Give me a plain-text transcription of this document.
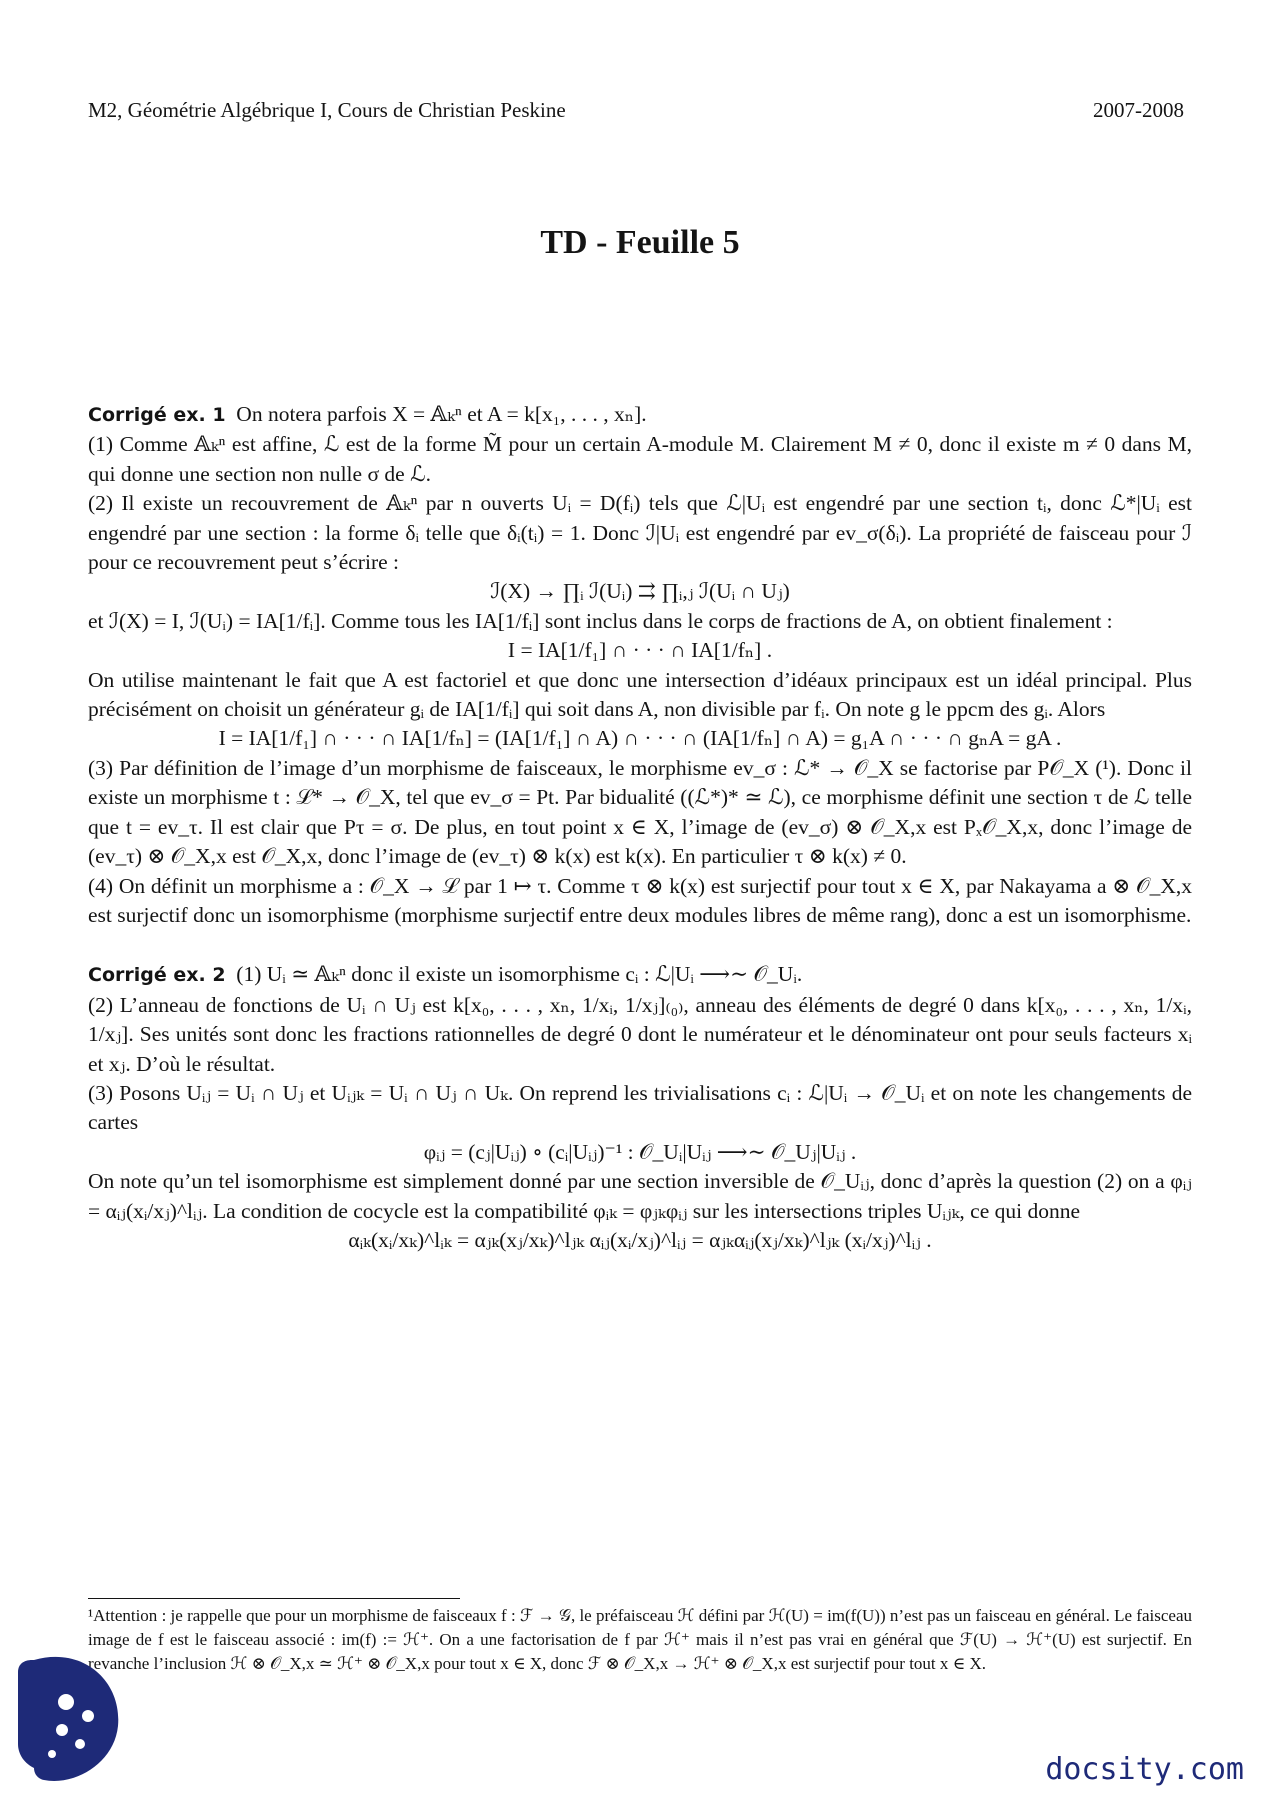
M2, Géométrie Algébrique I, Cours de Christian Peskine	2007-2008
TD - Feuille 5

Corrigé ex. 1 On notera parfois X = 𝔸ₖⁿ et A = k[x₁, . . . , xₙ].

(1) Comme 𝔸ₖⁿ est affine, ℒ est de la forme M̃ pour un certain A-module M. Clairement M ≠ 0, donc il existe m ≠ 0 dans M, qui donne une section non nulle σ de ℒ.

(2) Il existe un recouvrement de 𝔸ₖⁿ par n ouverts Uᵢ = D(fᵢ) tels que ℒ|Uᵢ est engendré par une section tᵢ, donc ℒ*|Uᵢ est engendré par une section : la forme δᵢ telle que δᵢ(tᵢ) = 1. Donc ℐ|Uᵢ est engendré par ev_σ(δᵢ). La propriété de faisceau pour ℐ pour ce recouvrement peut s’écrire :

ℐ(X) → ∏ᵢ ℐ(Uᵢ) ⇉ ∏ᵢ,ⱼ ℐ(Uᵢ ∩ Uⱼ)

et ℐ(X) = I, ℐ(Uᵢ) = IA[1/fᵢ]. Comme tous les IA[1/fᵢ] sont inclus dans le corps de fractions de A, on obtient finalement :

I = IA[1/f₁] ∩ · · · ∩ IA[1/fₙ] .

On utilise maintenant le fait que A est factoriel et que donc une intersection d’idéaux principaux est un idéal principal. Plus précisément on choisit un générateur gᵢ de IA[1/fᵢ] qui soit dans A, non divisible par fᵢ. On note g le ppcm des gᵢ. Alors

I = IA[1/f₁] ∩ · · · ∩ IA[1/fₙ] = (IA[1/f₁] ∩ A) ∩ · · · ∩ (IA[1/fₙ] ∩ A) = g₁A ∩ · · · ∩ gₙA = gA .

(3) Par définition de l’image d’un morphisme de faisceaux, le morphisme ev_σ : ℒ* → 𝒪_X se factorise par P𝒪_X (¹). Donc il existe un morphisme t : ℒ* → 𝒪_X, tel que ev_σ = Pt. Par bidualité ((ℒ*)* ≃ ℒ), ce morphisme définit une section τ de ℒ telle que t = ev_τ. Il est clair que Pτ = σ. De plus, en tout point x ∈ X, l’image de (ev_σ) ⊗ 𝒪_X,x est Pₓ𝒪_X,x, donc l’image de (ev_τ) ⊗ 𝒪_X,x est 𝒪_X,x, donc l’image de (ev_τ) ⊗ k(x) est k(x). En particulier τ ⊗ k(x) ≠ 0.

(4) On définit un morphisme a : 𝒪_X → ℒ par 1 ↦ τ. Comme τ ⊗ k(x) est surjectif pour tout x ∈ X, par Nakayama a ⊗ 𝒪_X,x est surjectif donc un isomorphisme (morphisme surjectif entre deux modules libres de même rang), donc a est un isomorphisme.

Corrigé ex. 2 (1) Uᵢ ≃ 𝔸ₖⁿ donc il existe un isomorphisme cᵢ : ℒ|Uᵢ ⟶∼ 𝒪_Uᵢ.

(2) L’anneau de fonctions de Uᵢ ∩ Uⱼ est k[x₀, . . . , xₙ, 1/xᵢ, 1/xⱼ]₍₀₎, anneau des éléments de degré 0 dans k[x₀, . . . , xₙ, 1/xᵢ, 1/xⱼ]. Ses unités sont donc les fractions rationnelles de degré 0 dont le numérateur et le dénominateur ont pour seuls facteurs xᵢ et xⱼ. D’où le résultat.

(3) Posons Uᵢⱼ = Uᵢ ∩ Uⱼ et Uᵢⱼₖ = Uᵢ ∩ Uⱼ ∩ Uₖ. On reprend les trivialisations cᵢ : ℒ|Uᵢ → 𝒪_Uᵢ et on note les changements de cartes

φᵢⱼ = (cⱼ|Uᵢⱼ) ∘ (cᵢ|Uᵢⱼ)⁻¹ : 𝒪_Uᵢ|Uᵢⱼ ⟶∼ 𝒪_Uⱼ|Uᵢⱼ .

On note qu’un tel isomorphisme est simplement donné par une section inversible de 𝒪_Uᵢⱼ, donc d’après la question (2) on a φᵢⱼ = αᵢⱼ(xᵢ/xⱼ)^lᵢⱼ. La condition de cocycle est la compatibilité φᵢₖ = φⱼₖφᵢⱼ sur les intersections triples Uᵢⱼₖ, ce qui donne

αᵢₖ(xᵢ/xₖ)^lᵢₖ = αⱼₖ(xⱼ/xₖ)^lⱼₖ αᵢⱼ(xᵢ/xⱼ)^lᵢⱼ = αⱼₖαᵢⱼ(xⱼ/xₖ)^lⱼₖ (xᵢ/xⱼ)^lᵢⱼ .

¹Attention : je rappelle que pour un morphisme de faisceaux f : ℱ → 𝒢, le préfaisceau ℋ défini par ℋ(U) = im(f(U)) n’est pas un faisceau en général. Le faisceau image de f est le faisceau associé : im(f) := ℋ⁺. On a une factorisation de f par ℋ⁺ mais il n’est pas vrai en général que ℱ(U) → ℋ⁺(U) est surjectif. En revanche l’inclusion ℋ ⊗ 𝒪_X,x ≃ ℋ⁺ ⊗ 𝒪_X,x pour tout x ∈ X, donc ℱ ⊗ 𝒪_X,x → ℋ⁺ ⊗ 𝒪_X,x est surjectif pour tout x ∈ X.

docsity.com
